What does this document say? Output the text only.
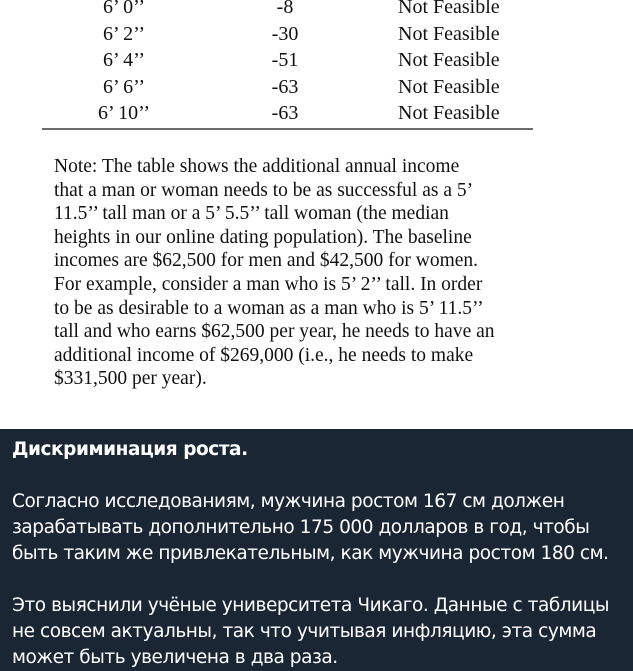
6’ 0’’	-8	Not Feasible
6’ 2’’	-30	Not Feasible
6’ 4’’	-51	Not Feasible
6’ 6’’	-63	Not Feasible
6’ 10’’	-63	Not Feasible
Note: The table shows the additional annual income
that a man or woman needs to be as successful as a 5’
11.5’’ tall man or a 5’ 5.5’’ tall woman (the median
heights in our online dating population). The baseline
incomes are $62,500 for men and $42,500 for women.
For example, consider a man who is 5’ 2’’ tall. In order
to be as desirable to a woman as a man who is 5’ 11.5’’
tall and who earns $62,500 per year, he needs to have an
additional income of $269,000 (i.e., he needs to make
$331,500 per year).
Дискриминация роста.
Согласно исследованиям, мужчина ростом 167 см должен
зарабатывать дополнительно 175 000 долларов в год, чтобы
быть таким же привлекательным, как мужчина ростом 180 см.
Это выяснили учёные университета Чикаго. Данные с таблицы
не совсем актуальны, так что учитывая инфляцию, эта сумма
может быть увеличена в два раза.
